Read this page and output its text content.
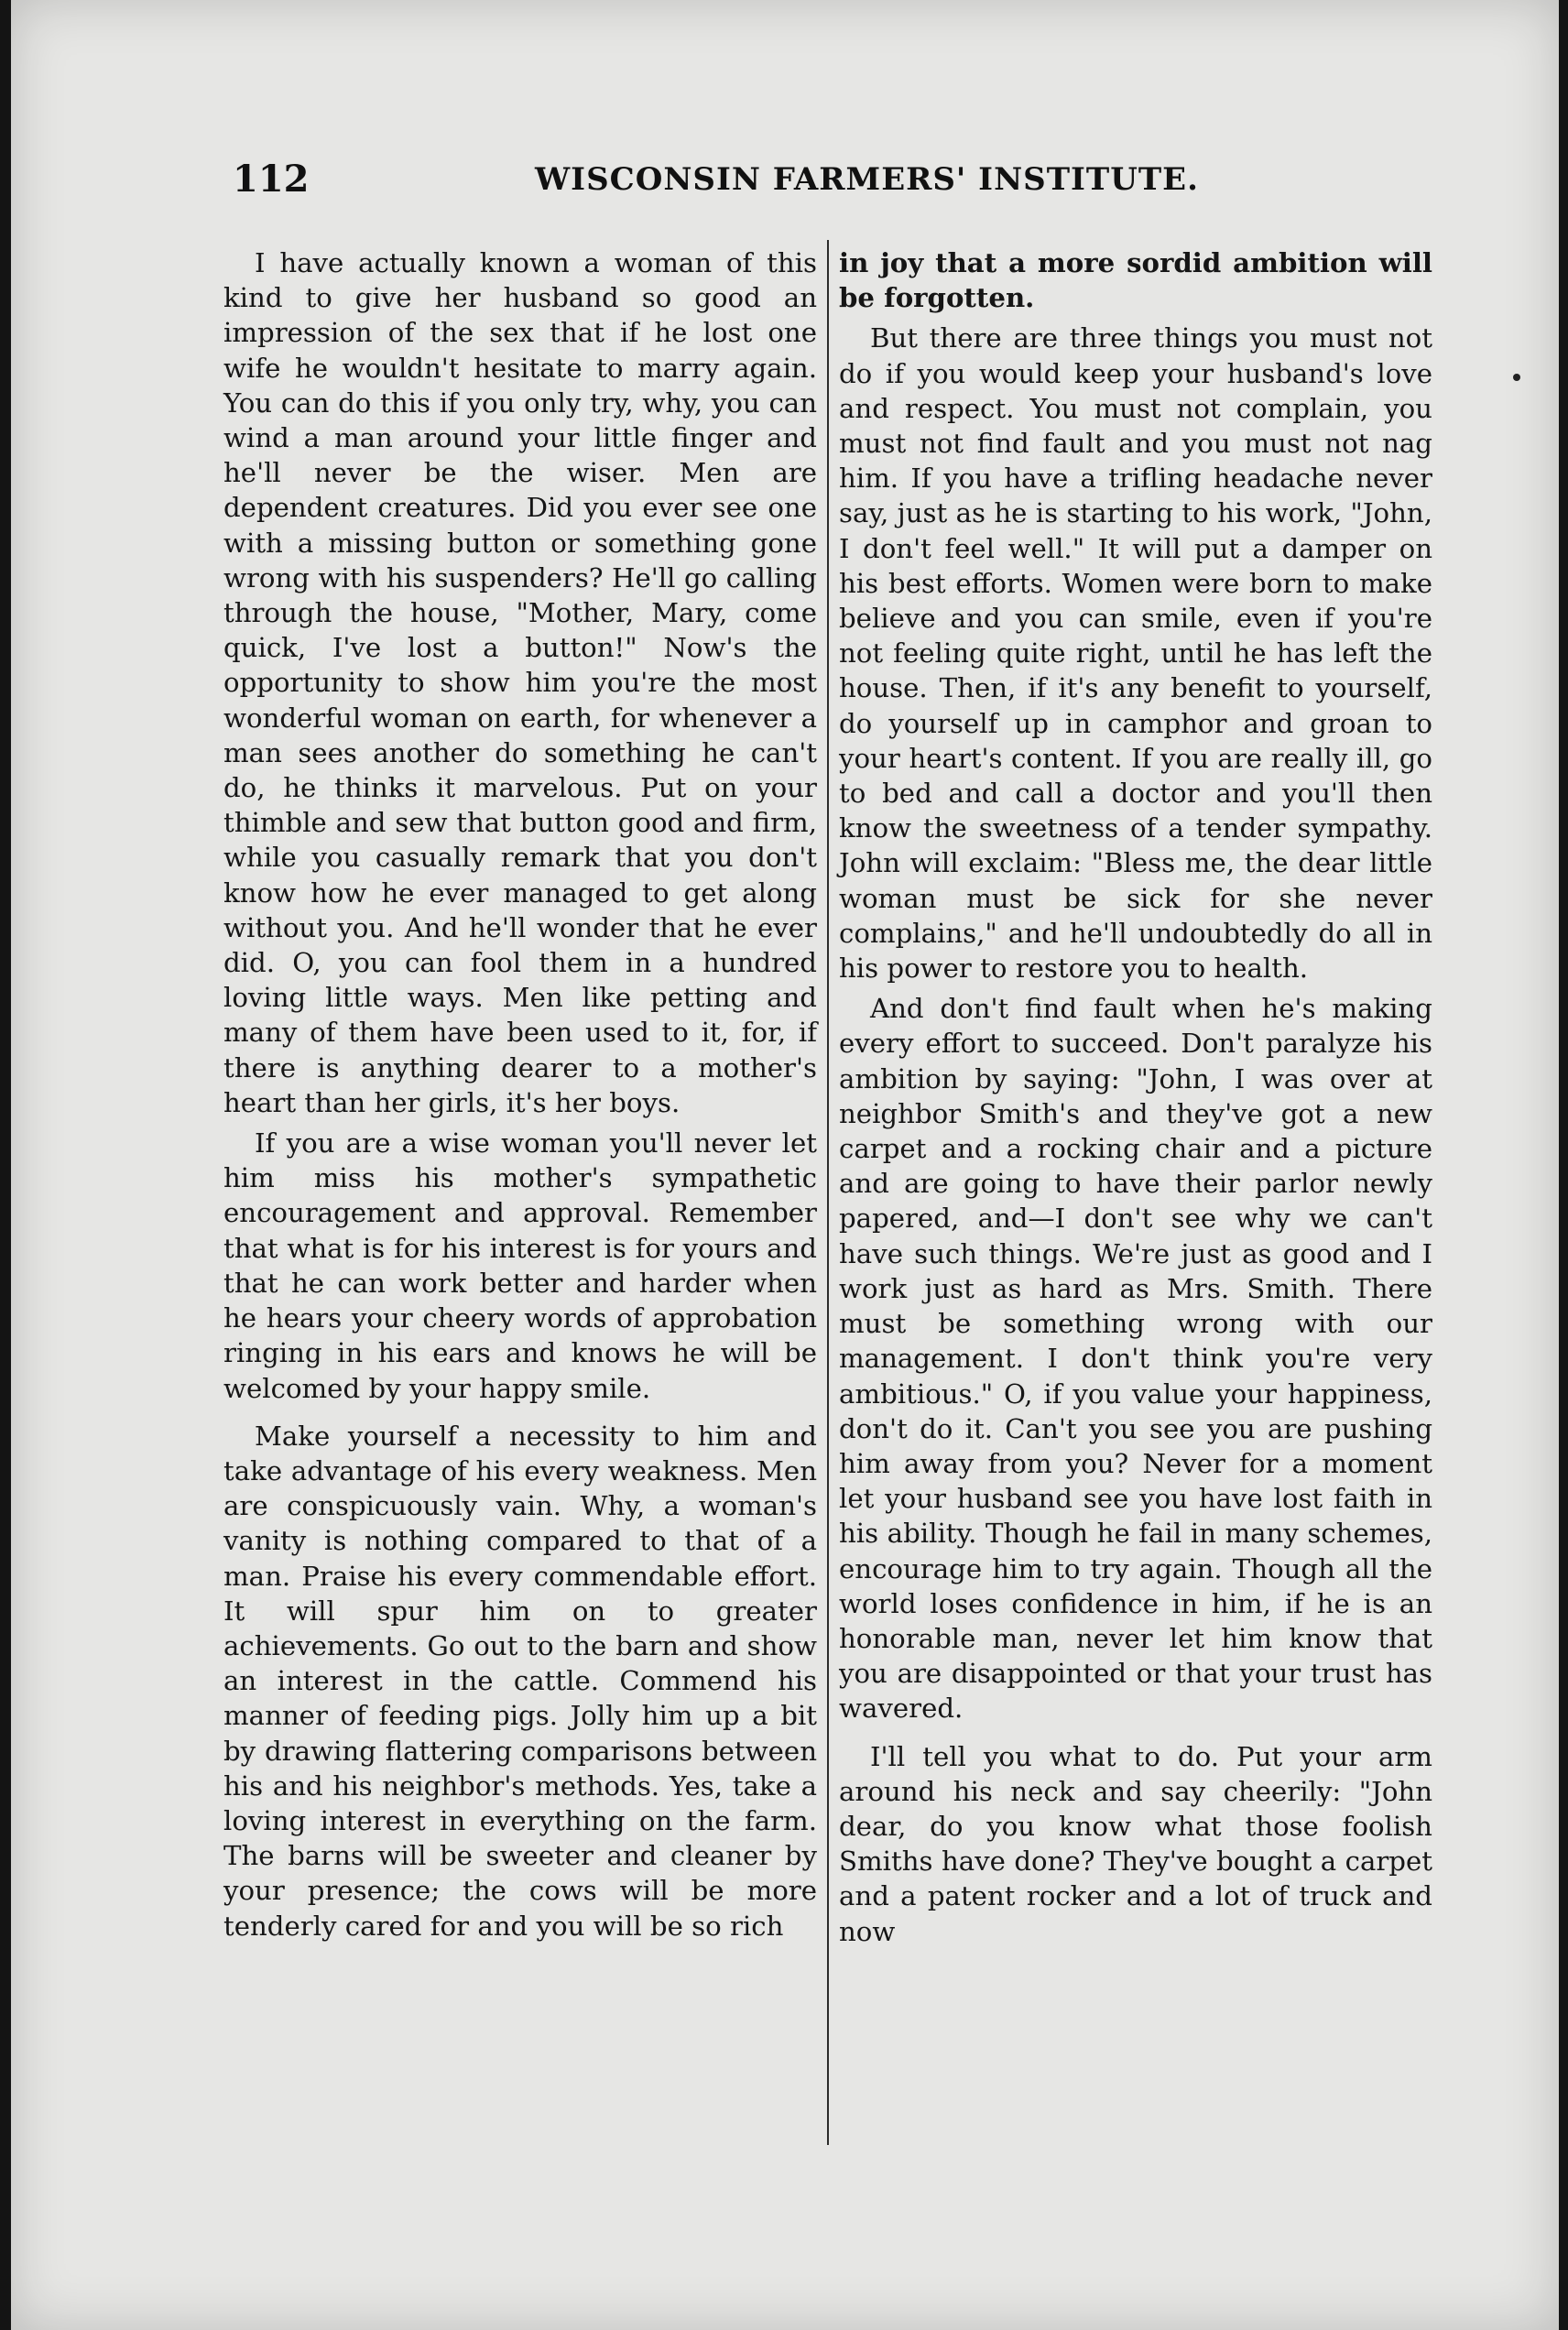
112	WISCONSIN FARMERS' INSTITUTE.

I have actually known a woman of this kind to give her husband so good an impression of the sex that if he lost one wife he wouldn't hesitate to marry again. You can do this if you only try, why, you can wind a man around your little finger and he'll never be the wiser. Men are dependent creatures. Did you ever see one with a missing button or something gone wrong with his suspenders? He'll go calling through the house, "Mother, Mary, come quick, I've lost a button!" Now's the opportunity to show him you're the most wonderful woman on earth, for whenever a man sees another do something he can't do, he thinks it marvelous. Put on your thimble and sew that button good and firm, while you casually remark that you don't know how he ever managed to get along without you. And he'll wonder that he ever did. O, you can fool them in a hundred loving little ways. Men like petting and many of them have been used to it, for, if there is anything dearer to a mother's heart than her girls, it's her boys.

If you are a wise woman you'll never let him miss his mother's sympathetic encouragement and approval. Remember that what is for his interest is for yours and that he can work better and harder when he hears your cheery words of approbation ringing in his ears and knows he will be welcomed by your happy smile.

Make yourself a necessity to him and take advantage of his every weakness. Men are conspicuously vain. Why, a woman's vanity is nothing compared to that of a man. Praise his every commendable effort. It will spur him on to greater achievements. Go out to the barn and show an interest in the cattle. Commend his manner of feeding pigs. Jolly him up a bit by drawing flattering comparisons between his and his neighbor's methods. Yes, take a loving interest in everything on the farm. The barns will be sweeter and cleaner by your presence; the cows will be more tenderly cared for and you will be so rich

in joy that a more sordid ambition will be forgotten.

But there are three things you must not do if you would keep your husband's love and respect. You must not complain, you must not find fault and you must not nag him. If you have a trifling headache never say, just as he is starting to his work, "John, I don't feel well." It will put a damper on his best efforts. Women were born to make believe and you can smile, even if you're not feeling quite right, until he has left the house. Then, if it's any benefit to yourself, do yourself up in camphor and groan to your heart's content. If you are really ill, go to bed and call a doctor and you'll then know the sweetness of a tender sympathy. John will exclaim: "Bless me, the dear little woman must be sick for she never complains," and he'll undoubtedly do all in his power to restore you to health.

And don't find fault when he's making every effort to succeed. Don't paralyze his ambition by saying: "John, I was over at neighbor Smith's and they've got a new carpet and a rocking chair and a picture and are going to have their parlor newly papered, and—I don't see why we can't have such things. We're just as good and I work just as hard as Mrs. Smith. There must be something wrong with our management. I don't think you're very ambitious." O, if you value your happiness, don't do it. Can't you see you are pushing him away from you? Never for a moment let your husband see you have lost faith in his ability. Though he fail in many schemes, encourage him to try again. Though all the world loses confidence in him, if he is an honorable man, never let him know that you are disappointed or that your trust has wavered.

I'll tell you what to do. Put your arm around his neck and say cheerily: "John dear, do you know what those foolish Smiths have done? They've bought a carpet and a patent rocker and a lot of truck and now
